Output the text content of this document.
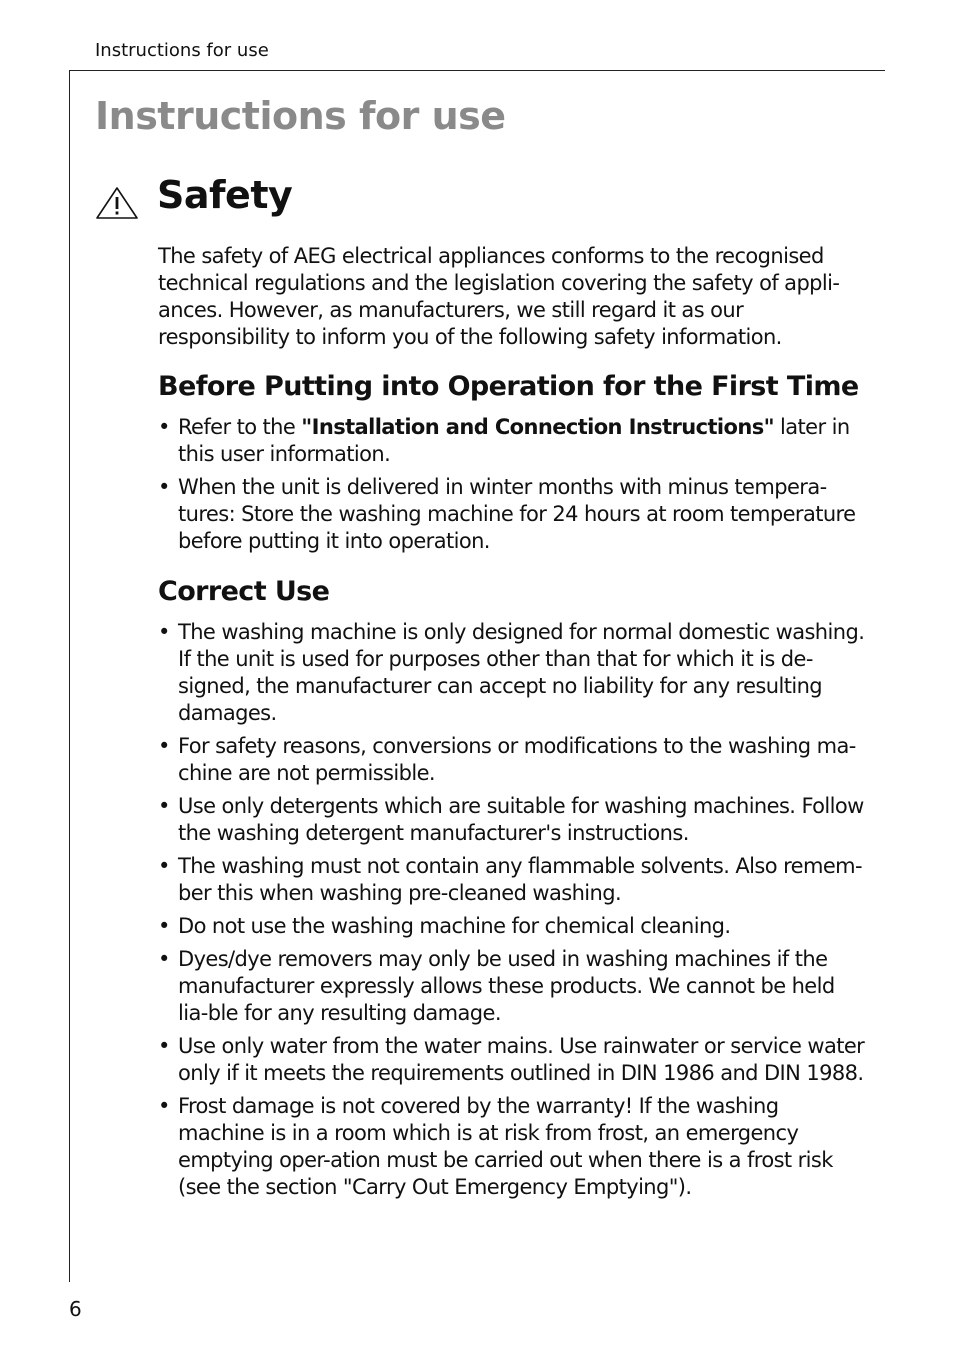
Instructions for use
Instructions for use
Safety

The safety of AEG electrical appliances conforms to the recognised technical regulations and the legislation covering the safety of appli-ances. However, as manufacturers, we still regard it as our responsibility to inform you of the following safety information.

Before Putting into Operation for the First Time
• Refer to the "Installation and Connection Instructions" later in this user information.
• When the unit is delivered in winter months with minus tempera-tures: Store the washing machine for 24 hours at room temperature before putting it into operation.
Correct Use
• The washing machine is only designed for normal domestic washing. If the unit is used for purposes other than that for which it is de-signed, the manufacturer can accept no liability for any resulting damages.
• For safety reasons, conversions or modifications to the washing ma-chine are not permissible.
• Use only detergents which are suitable for washing machines. Follow the washing detergent manufacturer's instructions.
• The washing must not contain any flammable solvents. Also remem-ber this when washing pre-cleaned washing.
• Do not use the washing machine for chemical cleaning.
• Dyes/dye removers may only be used in washing machines if the manufacturer expressly allows these products. We cannot be held lia-ble for any resulting damage.
• Use only water from the water mains. Use rainwater or service water only if it meets the requirements outlined in DIN 1986 and DIN 1988.
• Frost damage is not covered by the warranty! If the washing machine is in a room which is at risk from frost, an emergency emptying oper-ation must be carried out when there is a frost risk (see the section "Carry Out Emergency Emptying").
6
